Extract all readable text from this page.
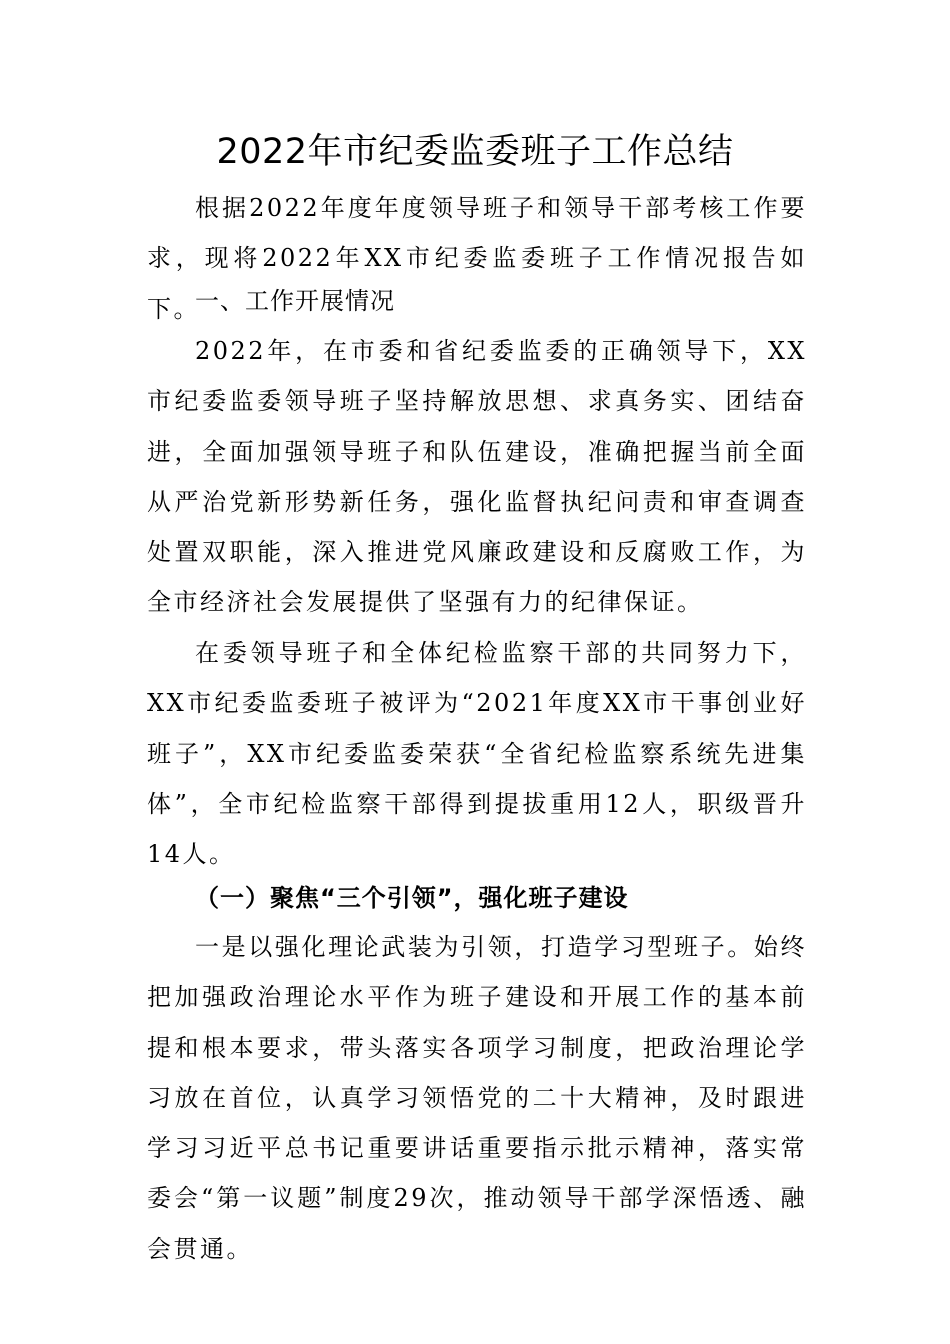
2022年市纪委监委班子工作总结

根据2022年度年度领导班子和领导干部考核工作要求，现将2022年XX市纪委监委班子工作情况报告如下。

一、工作开展情况

2022年，在市委和省纪委监委的正确领导下，XX市纪委监委领导班子坚持解放思想、求真务实、团结奋进，全面加强领导班子和队伍建设，准确把握当前全面从严治党新形势新任务，强化监督执纪问责和审查调查处置双职能，深入推进党风廉政建设和反腐败工作，为全市经济社会发展提供了坚强有力的纪律保证。

在委领导班子和全体纪检监察干部的共同努力下，XX市纪委监委班子被评为“2021年度XX市干事创业好班子”，XX市纪委监委荣获“全省纪检监察系统先进集体”，全市纪检监察干部得到提拔重用12人，职级晋升14人。

（一）聚焦“三个引领”，强化班子建设

一是以强化理论武装为引领，打造学习型班子。始终把加强政治理论水平作为班子建设和开展工作的基本前提和根本要求，带头落实各项学习制度，把政治理论学习放在首位，认真学习领悟党的二十大精神，及时跟进学习习近平总书记重要讲话重要指示批示精神，落实常委会“第一议题”制度29次，推动领导干部学深悟透、融会贯通。
